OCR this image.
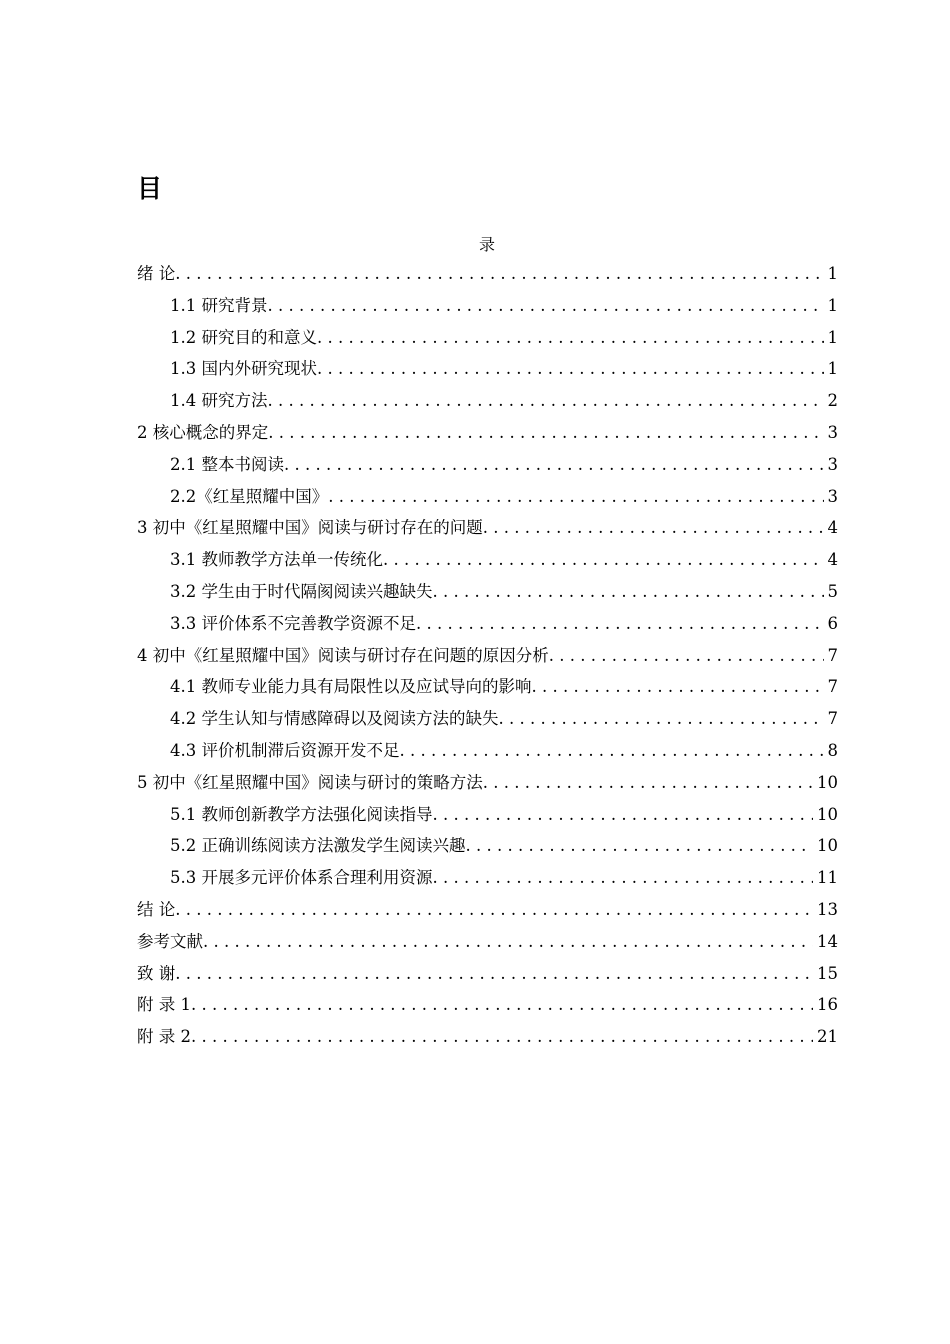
目
录
绪 论 . . .	1
1.1 研究背景 . . .	1
1.2 研究目的和意义 . . .	1
1.3 国内外研究现状 . . .	1
1.4 研究方法 . . .	2
2 核心概念的界定 . . .	3
2.1 整本书阅读 . . .	3
2.2《红星照耀中国》 . . .	3
3 初中《红星照耀中国》阅读与研讨存在的问题 . . .	4
3.1 教师教学方法单一传统化 . . .	4
3.2 学生由于时代隔阂阅读兴趣缺失 . . .	5
3.3 评价体系不完善教学资源不足 . . .	6
4 初中《红星照耀中国》阅读与研讨存在问题的原因分析 . . .	7
4.1 教师专业能力具有局限性以及应试导向的影响 . . .	7
4.2 学生认知与情感障碍以及阅读方法的缺失 . . .	7
4.3 评价机制滞后资源开发不足 . . .	8
5 初中《红星照耀中国》阅读与研讨的策略方法 . . .	10
5.1 教师创新教学方法强化阅读指导 . . .	10
5.2 正确训练阅读方法激发学生阅读兴趣 . . .	10
5.3 开展多元评价体系合理利用资源 . . .	11
结 论 . . .	13
参考文献 . . .	14
致 谢 . . .	15
附 录 1 . . .	16
附 录 2 . . .	21
